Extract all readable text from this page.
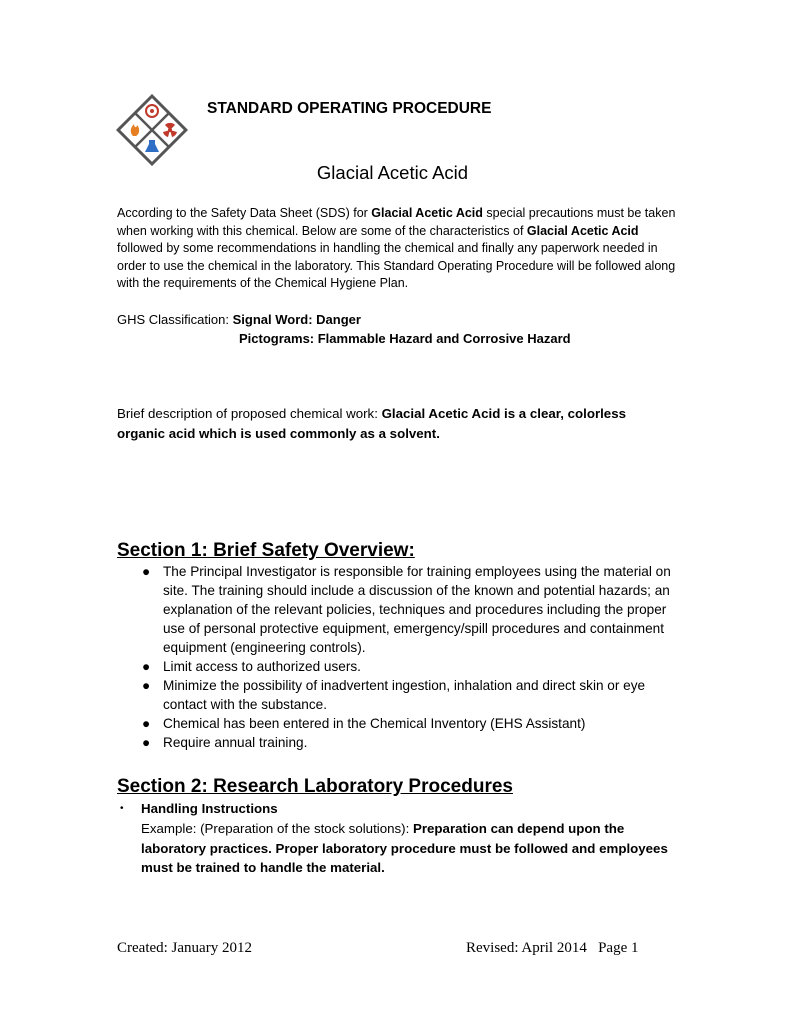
STANDARD OPERATING PROCEDURE
Glacial Acetic Acid
According to the Safety Data Sheet (SDS) for Glacial Acetic Acid special precautions must be taken when working with this chemical. Below are some of the characteristics of Glacial Acetic Acid followed by some recommendations in handling the chemical and finally any paperwork needed in order to use the chemical in the laboratory. This Standard Operating Procedure will be followed along with the requirements of the Chemical Hygiene Plan.
GHS Classification: Signal Word: Danger
Pictograms: Flammable Hazard and Corrosive Hazard
Brief description of proposed chemical work: Glacial Acetic Acid is a clear, colorless organic acid which is used commonly as a solvent.
Section 1: Brief Safety Overview:
● The Principal Investigator is responsible for training employees using the material on site. The training should include a discussion of the known and potential hazards; an explanation of the relevant policies, techniques and procedures including the proper use of personal protective equipment, emergency/spill procedures and containment equipment (engineering controls).
● Limit access to authorized users.
● Minimize the possibility of inadvertent ingestion, inhalation and direct skin or eye contact with the substance.
● Chemical has been entered in the Chemical Inventory (EHS Assistant)
● Require annual training.
Section 2: Research Laboratory Procedures
• Handling Instructions
Example: (Preparation of the stock solutions): Preparation can depend upon the laboratory practices. Proper laboratory procedure must be followed and employees must be trained to handle the material.
Created: January 2012	Revised: April 2014   Page 1
